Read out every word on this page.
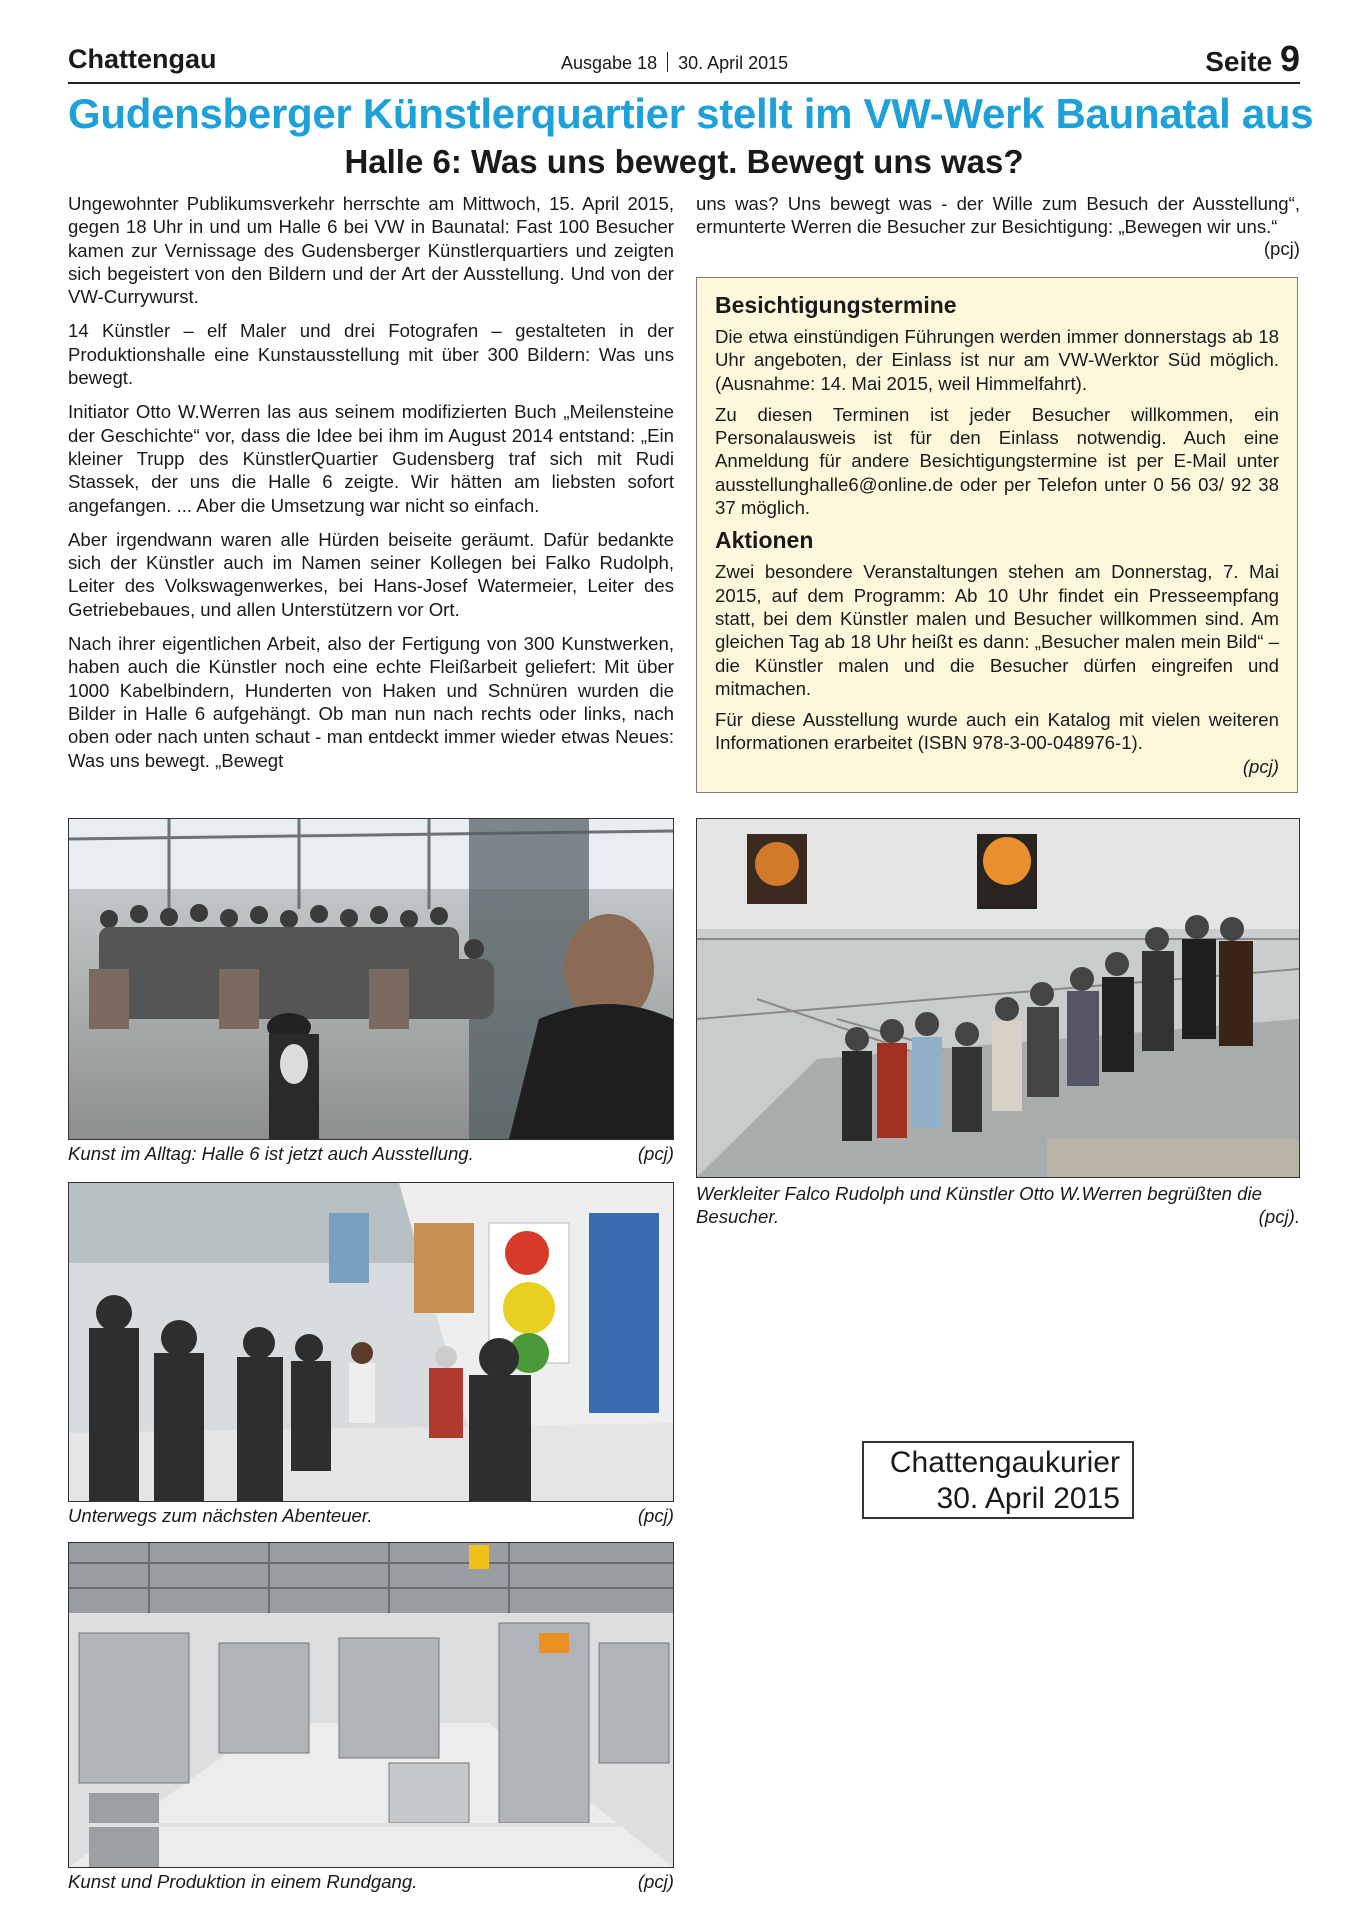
Chattengau	Ausgabe 18 30. April 2015	Seite 9
Gudensberger Künstlerquartier stellt im VW-Werk Baunatal aus
Halle 6: Was uns bewegt. Bewegt uns was?

Ungewohnter Publikumsverkehr herrschte am Mittwoch, 15. April 2015, gegen 18 Uhr in und um Halle 6 bei VW in Baunatal: Fast 100 Besucher kamen zur Vernissage des Gudensberger Künstlerquartiers und zeigten sich begeistert von den Bildern und der Art der Ausstellung. Und von der VW-Currywurst.

14 Künstler – elf Maler und drei Fotografen – gestalteten in der Produktionshalle eine Kunstausstellung mit über 300 Bildern: Was uns bewegt.

Initiator Otto W.Werren las aus seinem modifizierten Buch „Meilensteine der Geschichte“ vor, dass die Idee bei ihm im August 2014 entstand: „Ein kleiner Trupp des KünstlerQuartier Gudensberg traf sich mit Rudi Stassek, der uns die Halle 6 zeigte. Wir hätten am liebsten sofort angefangen. ... Aber die Umsetzung war nicht so einfach.

Aber irgendwann waren alle Hürden beiseite geräumt. Dafür bedankte sich der Künstler auch im Namen seiner Kollegen bei Falko Rudolph, Leiter des Volkswagenwerkes, bei Hans-Josef Watermeier, Leiter des Getriebebaues, und allen Unterstützern vor Ort.

Nach ihrer eigentlichen Arbeit, also der Fertigung von 300 Kunstwerken, haben auch die Künstler noch eine echte Fleißarbeit geliefert: Mit über 1000 Kabelbindern, Hunderten von Haken und Schnüren wurden die Bilder in Halle 6 aufgehängt. Ob man nun nach rechts oder links, nach oben oder nach unten schaut - man entdeckt immer wieder etwas Neues: Was uns bewegt. „Bewegt

uns was? Uns bewegt was - der Wille zum Besuch der Ausstellung“, ermunterte Werren die Besucher zur Besichtigung: „Bewegen wir uns.“
(pcj)
Besichtigungstermine

Die etwa einstündigen Führungen werden immer donnerstags ab 18 Uhr angeboten, der Einlass ist nur am VW-Werktor Süd möglich. (Ausnahme: 14. Mai 2015, weil Himmelfahrt).

Zu diesen Terminen ist jeder Besucher willkommen, ein Personalausweis ist für den Einlass notwendig. Auch eine Anmeldung für andere Besichtigungstermine ist per E-Mail unter ausstellunghalle6@online.de oder per Telefon unter 0 56 03/ 92 38 37 möglich.

Aktionen

Zwei besondere Veranstaltungen stehen am Donnerstag, 7. Mai 2015, auf dem Programm: Ab 10 Uhr findet ein Presseempfang statt, bei dem Künstler malen und Besucher willkommen sind. Am gleichen Tag ab 18 Uhr heißt es dann: „Besucher malen mein Bild“ – die Künstler malen und die Besucher dürfen eingreifen und mitmachen.

Für diese Ausstellung wurde auch ein Katalog mit vielen weiteren Informationen erarbeitet (ISBN 978-3-00-048976-1).

(pcj)

Kunst im Alltag: Halle 6 ist jetzt auch Ausstellung.	(pcj)
Werkleiter Falco Rudolph und Künstler Otto W.Werren begrüßten die Besucher.	(pcj).
Unterwegs zum nächsten Abenteuer.	(pcj)
Kunst und Produktion in einem Rundgang.	(pcj)
Chattengaukurier
30. April 2015
